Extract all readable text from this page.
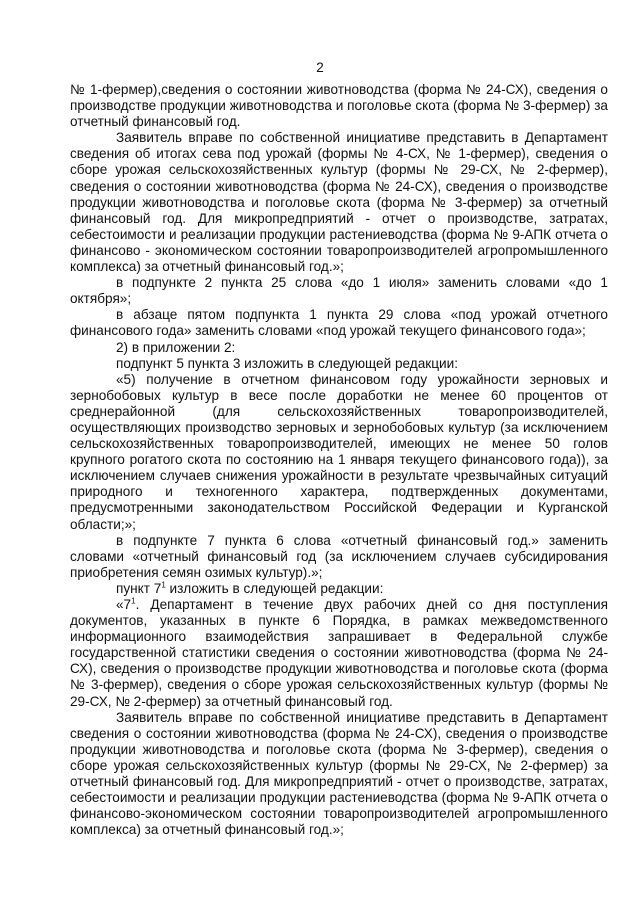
2

№ 1-фермер),сведения о состоянии животноводства (форма № 24-СХ), сведения о производстве продукции животноводства и поголовье скота (форма № 3-фермер) за отчетный финансовый год.

Заявитель вправе по собственной инициативе представить в Департамент сведения об итогах сева под урожай (формы № 4-СХ, № 1-фермер), сведения о сборе урожая сельскохозяйственных культур (формы № 29-СХ, № 2-фермер), сведения о состоянии животноводства (форма № 24-СХ), сведения о производстве продукции животноводства и поголовье скота (форма № 3-фермер) за отчетный финансовый год. Для микропредприятий - отчет о производстве, затратах, себестоимости и реализации продукции растениеводства (форма № 9-АПК отчета о финансово - экономическом состоянии товаропроизводителей агропромышленного комплекса) за отчетный финансовый год.»;

в подпункте 2 пункта 25 слова «до 1 июля» заменить словами «до 1 октября»;

в абзаце пятом подпункта 1 пункта 29 слова «под урожай отчетного финансового года» заменить словами «под урожай текущего финансового года»;

2) в приложении 2:

подпункт 5 пункта 3 изложить в следующей редакции:

«5) получение в отчетном финансовом году урожайности зерновых и зернобобовых культур в весе после доработки не менее 60 процентов от среднерайонной (для сельскохозяйственных товаропроизводителей, осуществляющих производство зерновых и зернобобовых культур (за исключением сельскохозяйственных товаропроизводителей, имеющих не менее 50 голов крупного рогатого скота по состоянию на 1 января текущего финансового года)), за исключением случаев снижения урожайности в результате чрезвычайных ситуаций природного и техногенного характера, подтвержденных документами, предусмотренными законодательством Российской Федерации и Курганской области;»;

в подпункте 7 пункта 6 слова «отчетный финансовый год.» заменить словами «отчетный финансовый год (за исключением случаев субсидирования приобретения семян озимых культур).»;

пункт $7^1$ изложить в следующей редакции:

«$7^1$. Департамент в течение двух рабочих дней со дня поступления документов, указанных в пункте 6 Порядка, в рамках межведомственного информационного взаимодействия запрашивает в Федеральной службе государственной статистики сведения о состоянии животноводства (форма № 24-СХ), сведения о производстве продукции животноводства и поголовье скота (форма № 3-фермер), сведения о сборе урожая сельскохозяйственных культур (формы № 29-СХ, № 2-фермер) за отчетный финансовый год.

Заявитель вправе по собственной инициативе представить в Департамент сведения о состоянии животноводства (форма № 24-СХ), сведения о производстве продукции животноводства и поголовье скота (форма № 3-фермер), сведения о сборе урожая сельскохозяйственных культур (формы № 29-СХ, № 2-фермер) за отчетный финансовый год. Для микропредприятий - отчет о производстве, затратах, себестоимости и реализации продукции растениеводства (форма № 9-АПК отчета о финансово-экономическом состоянии товаропроизводителей агропромышленного комплекса) за отчетный финансовый год.»;
